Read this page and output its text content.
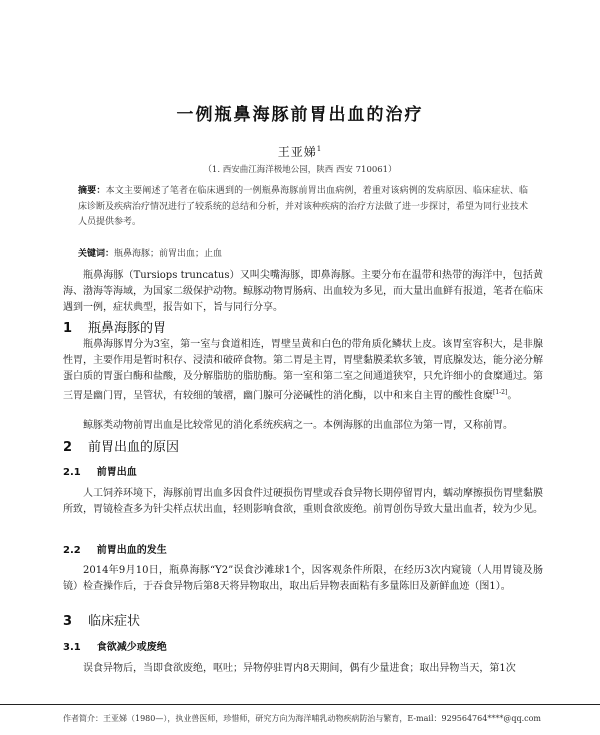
一例瓶鼻海豚前胃出血的治疗
王亚娣$^1$
（1. 西安曲江海洋极地公园，陕西 西安 710061）
摘要：本文主要阐述了笔者在临床遇到的一例瓶鼻海豚前胃出血病例，着重对该病例的发病原因、临床症状、临床诊断及疾病治疗情况进行了较系统的总结和分析，并对该种疾病的治疗方法做了进一步探讨，希望为同行业技术人员提供参考。
关键词：瓶鼻海豚；前胃出血；止血
瓶鼻海豚（Tursiops truncatus）又叫尖嘴海豚，即鼻海豚。主要分布在温带和热带的海洋中，包括黄海、渤海等海域，为国家二级保护动物。鲸豚动物胃肠病、出血较为多见，而大量出血鲜有报道，笔者在临床遇到一例，症状典型，报告如下，旨与同行分享。
1 瓶鼻海豚的胃
瓶鼻海豚胃分为3室，第一室与食道相连，胃壁呈黄和白色的带角质化鳞状上皮。该胃室容积大，是非腺性胃，主要作用是暂时积存、浸渍和破碎食物。第二胃是主胃，胃壁黏膜柔软多皱，胃底腺发达，能分泌分解蛋白质的胃蛋白酶和盐酸，及分解脂肪的脂肪酶。第一室和第二室之间通道狭窄，只允许细小的食糜通过。第三胃是幽门胃，呈管状，有较细的皱褶，幽门腺可分泌碱性的消化酶，以中和来自主胃的酸性食糜[1-2]。
鲸豚类动物前胃出血是比较常见的消化系统疾病之一。本例海豚的出血部位为第一胃，又称前胃。
2 前胃出血的原因
2.1 前胃出血
人工饲养环境下，海豚前胃出血多因食件过硬损伤胃壁或吞食异物长期停留胃内，蠕动摩擦损伤胃壁黏膜所致，胃镜检查多为针尖样点状出血，轻则影响食欲，重则食欲废绝。前胃创伤导致大量出血者，较为少见。
2.2 前胃出血的发生
2014年9月10日，瓶鼻海豚“Y2”误食沙滩球1个，因客观条件所限，在经历3次内窥镜（人用胃镜及肠镜）检查操作后，于吞食异物后第8天将异物取出，取出后异物表面粘有多量陈旧及新鲜血迹（图1）。
3 临床症状
3.1 食欲减少或废绝
误食异物后，当即食欲废绝，呕吐；异物停驻胃内8天期间，偶有少量进食；取出异物当天，第1次
作者简介：王亚娣（1980—），执业兽医师，珍惜师，研究方向为海洋哺乳动物疾病防治与繁育，E-mail：929564764****@qq.com
